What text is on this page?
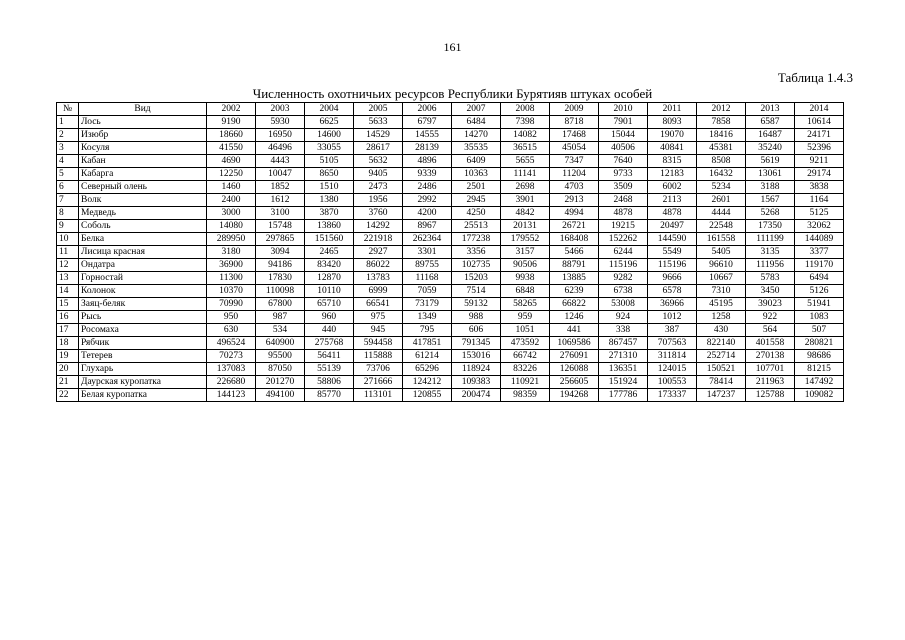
161
Таблица 1.4.3
Численность охотничьих ресурсов Республики Бурятияв штуках особей
№	Вид	2002	2003	2004	2005	2006	2007	2008	2009	2010	2011	2012	2013	2014
1	Лось	9190	5930	6625	5633	6797	6484	7398	8718	7901	8093	7858	6587	10614
2	Изюбр	18660	16950	14600	14529	14555	14270	14082	17468	15044	19070	18416	16487	24171
3	Косуля	41550	46496	33055	28617	28139	35535	36515	45054	40506	40841	45381	35240	52396
4	Кабан	4690	4443	5105	5632	4896	6409	5655	7347	7640	8315	8508	5619	9211
5	Кабарга	12250	10047	8650	9405	9339	10363	11141	11204	9733	12183	16432	13061	29174
6	Северный олень	1460	1852	1510	2473	2486	2501	2698	4703	3509	6002	5234	3188	3838
7	Волк	2400	1612	1380	1956	2992	2945	3901	2913	2468	2113	2601	1567	1164
8	Медведь	3000	3100	3870	3760	4200	4250	4842	4994	4878	4878	4444	5268	5125
9	Соболь	14080	15748	13860	14292	8967	25513	20131	26721	19215	20497	22548	17350	32062
10	Белка	289950	297865	151560	221918	262364	177238	179552	168408	152262	144590	161558	111199	144089
11	Лисица красная	3180	3094	2465	2927	3301	3356	3157	5466	6244	5549	5405	3135	3377
12	Ондатра	36900	94186	83420	86022	89755	102735	90506	88791	115196	115196	96610	111956	119170
13	Горностай	11300	17830	12870	13783	11168	15203	9938	13885	9282	9666	10667	5783	6494
14	Колонок	10370	110098	10110	6999	7059	7514	6848	6239	6738	6578	7310	3450	5126
15	Заяц-беляк	70990	67800	65710	66541	73179	59132	58265	66822	53008	36966	45195	39023	51941
16	Рысь	950	987	960	975	1349	988	959	1246	924	1012	1258	922	1083
17	Росомаха	630	534	440	945	795	606	1051	441	338	387	430	564	507
18	Рябчик	496524	640900	275768	594458	417851	791345	473592	1069586	867457	707563	822140	401558	280821
19	Тетерев	70273	95500	56411	115888	61214	153016	66742	276091	271310	311814	252714	270138	98686
20	Глухарь	137083	87050	55139	73706	65296	118924	83226	126088	136351	124015	150521	107701	81215
21	Даурская куропатка	226680	201270	58806	271666	124212	109383	110921	256605	151924	100553	78414	211963	147492
22	Белая куропатка	144123	494100	85770	113101	120855	200474	98359	194268	177786	173337	147237	125788	109082
